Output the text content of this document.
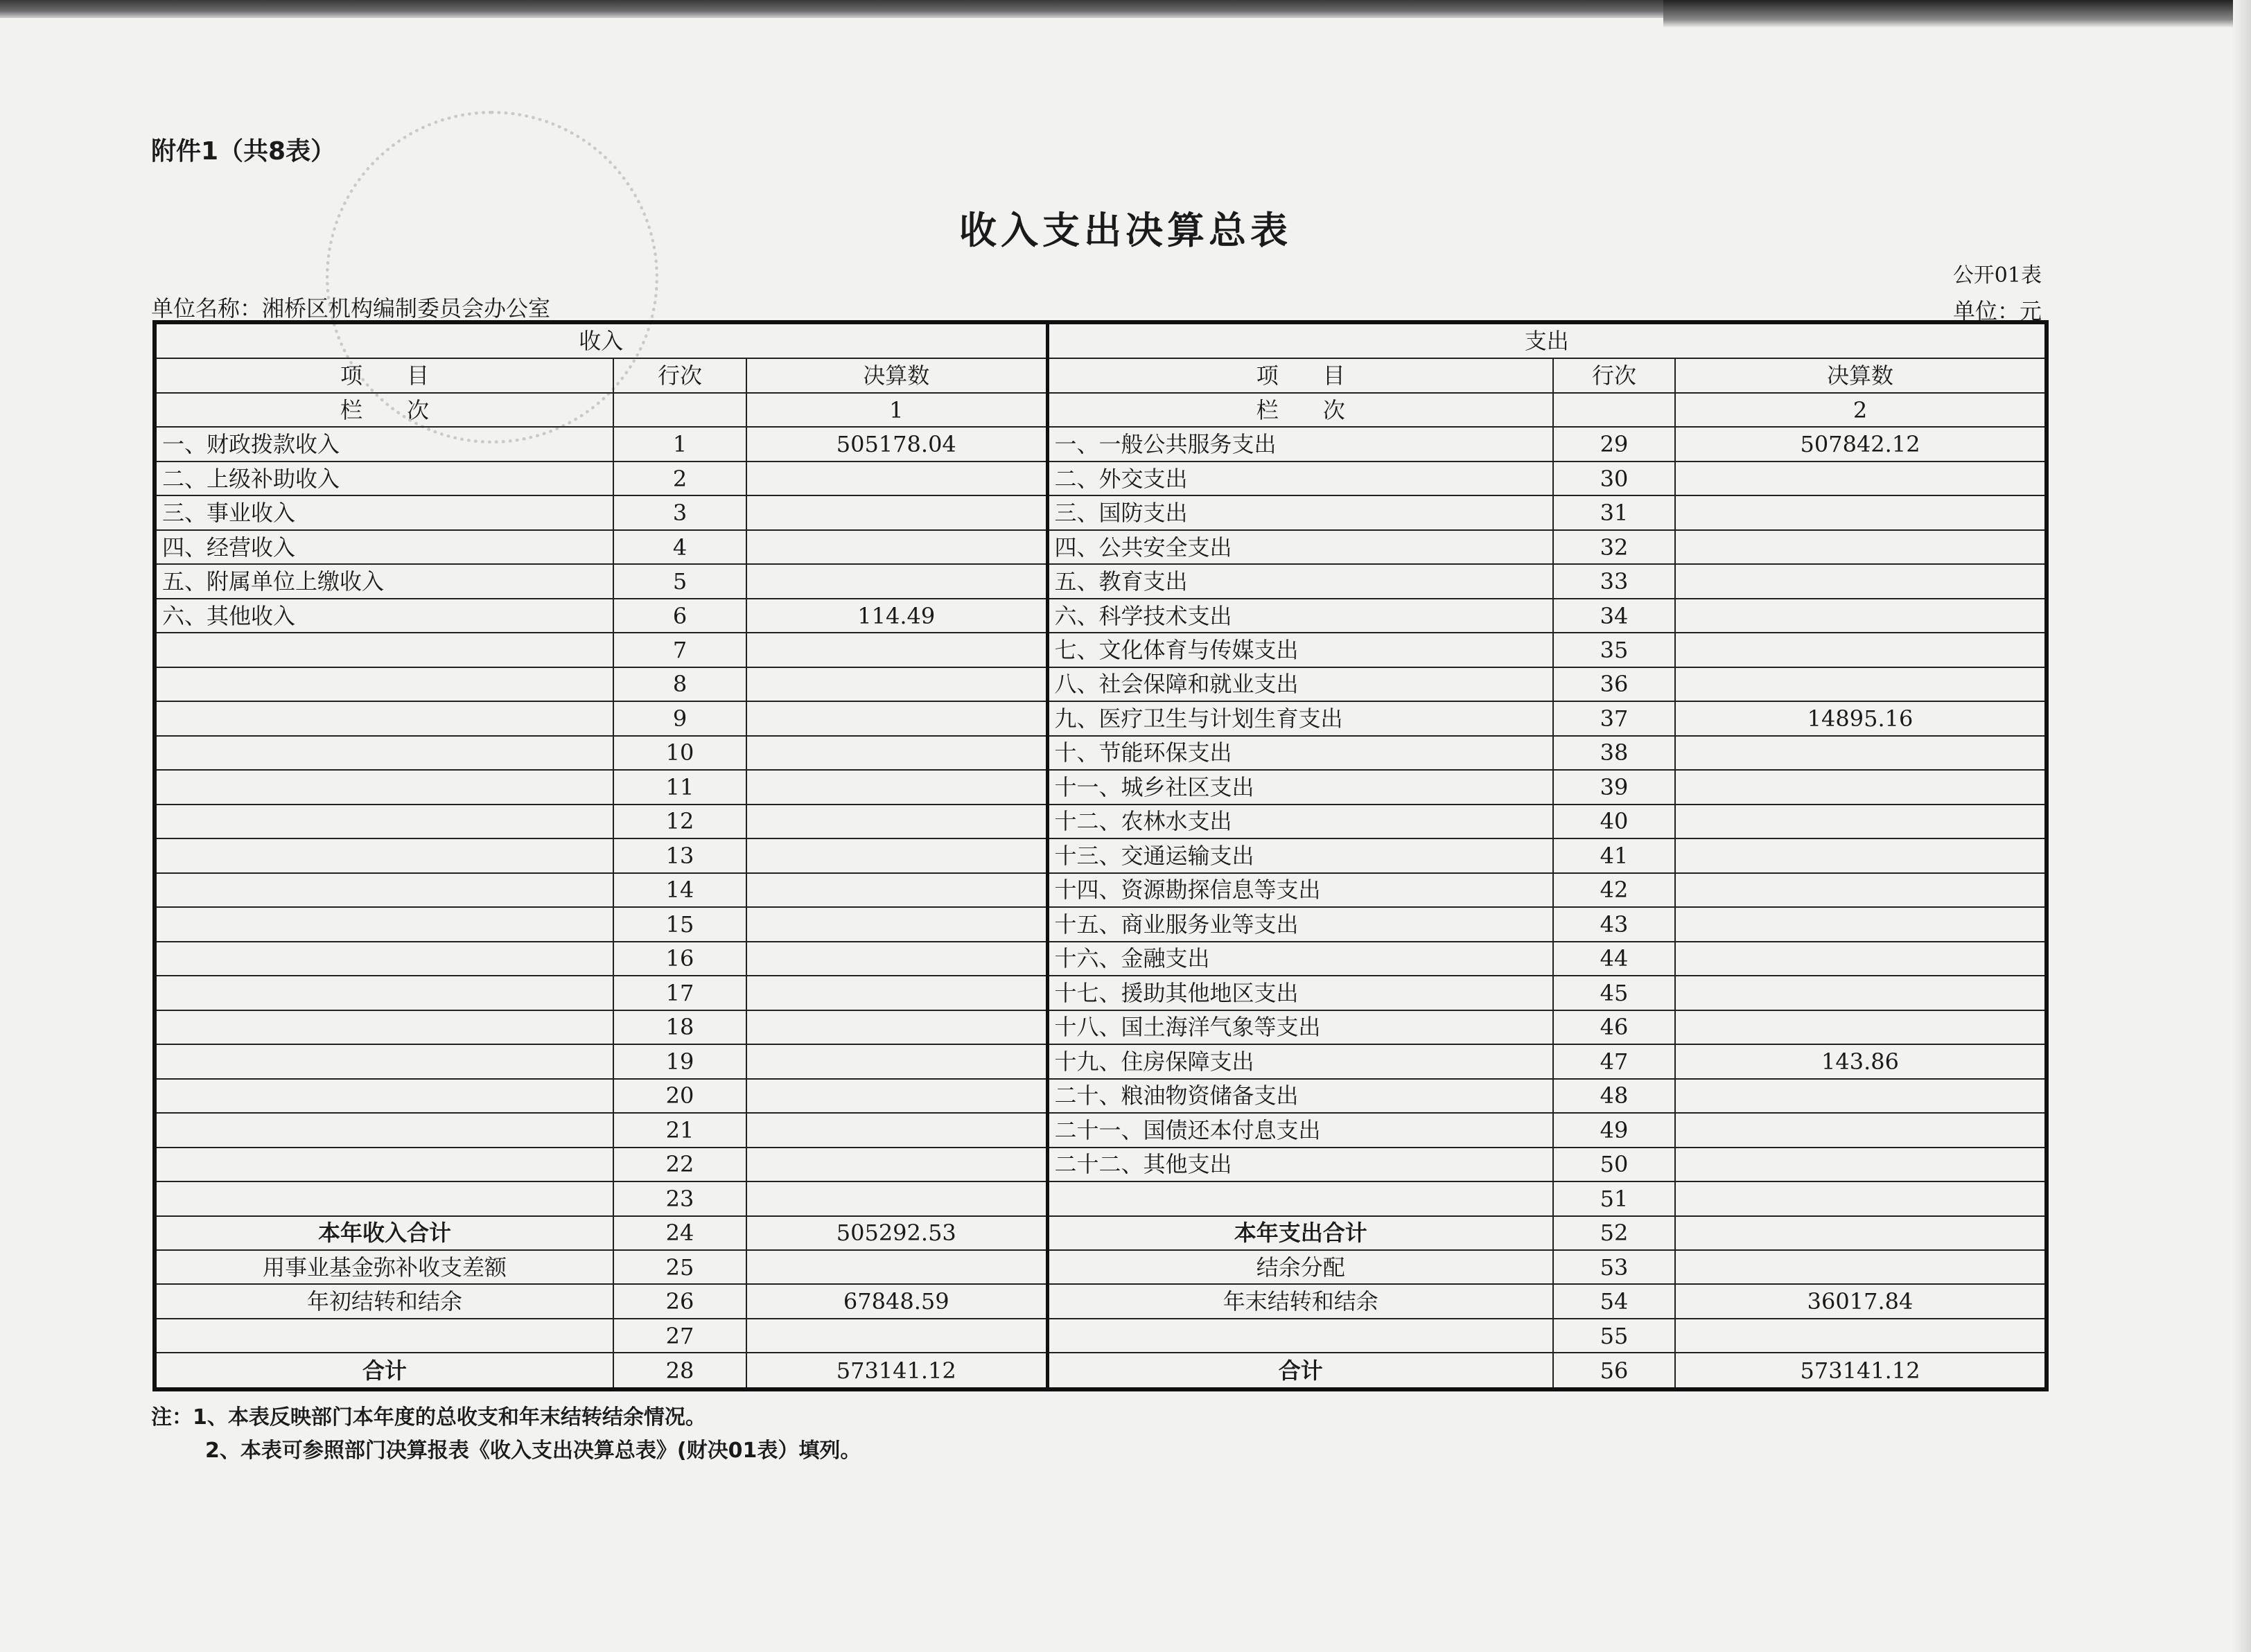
附件1（共8表）
收入支出决算总表
公开01表
单位名称：湘桥区机构编制委员会办公室	单位：元
收入			支出		
项　　目	行次	决算数	项　　目	行次	决算数
栏　　次		1	栏　　次		2
一、财政拨款收入	1	505178.04	一、一般公共服务支出	29	507842.12
二、上级补助收入	2		二、外交支出	30	
三、事业收入	3		三、国防支出	31	
四、经营收入	4		四、公共安全支出	32	
五、附属单位上缴收入	5		五、教育支出	33	
六、其他收入	6	114.49	六、科学技术支出	34	
	7		七、文化体育与传媒支出	35	
	8		八、社会保障和就业支出	36	
	9		九、医疗卫生与计划生育支出	37	14895.16
	10		十、节能环保支出	38	
	11		十一、城乡社区支出	39	
	12		十二、农林水支出	40	
	13		十三、交通运输支出	41	
	14		十四、资源勘探信息等支出	42	
	15		十五、商业服务业等支出	43	
	16		十六、金融支出	44	
	17		十七、援助其他地区支出	45	
	18		十八、国土海洋气象等支出	46	
	19		十九、住房保障支出	47	143.86
	20		二十、粮油物资储备支出	48	
	21		二十一、国债还本付息支出	49	
	22		二十二、其他支出	50	
	23			51	
本年收入合计	24	505292.53	本年支出合计	52	
用事业基金弥补收支差额	25		结余分配	53	
年初结转和结余	26	67848.59	年末结转和结余	54	36017.84
	27			55	
合计	28	573141.12	合计	56	573141.12
注：1、本表反映部门本年度的总收支和年末结转结余情况。
2、本表可参照部门决算报表《收入支出决算总表》(财决01表）填列。
